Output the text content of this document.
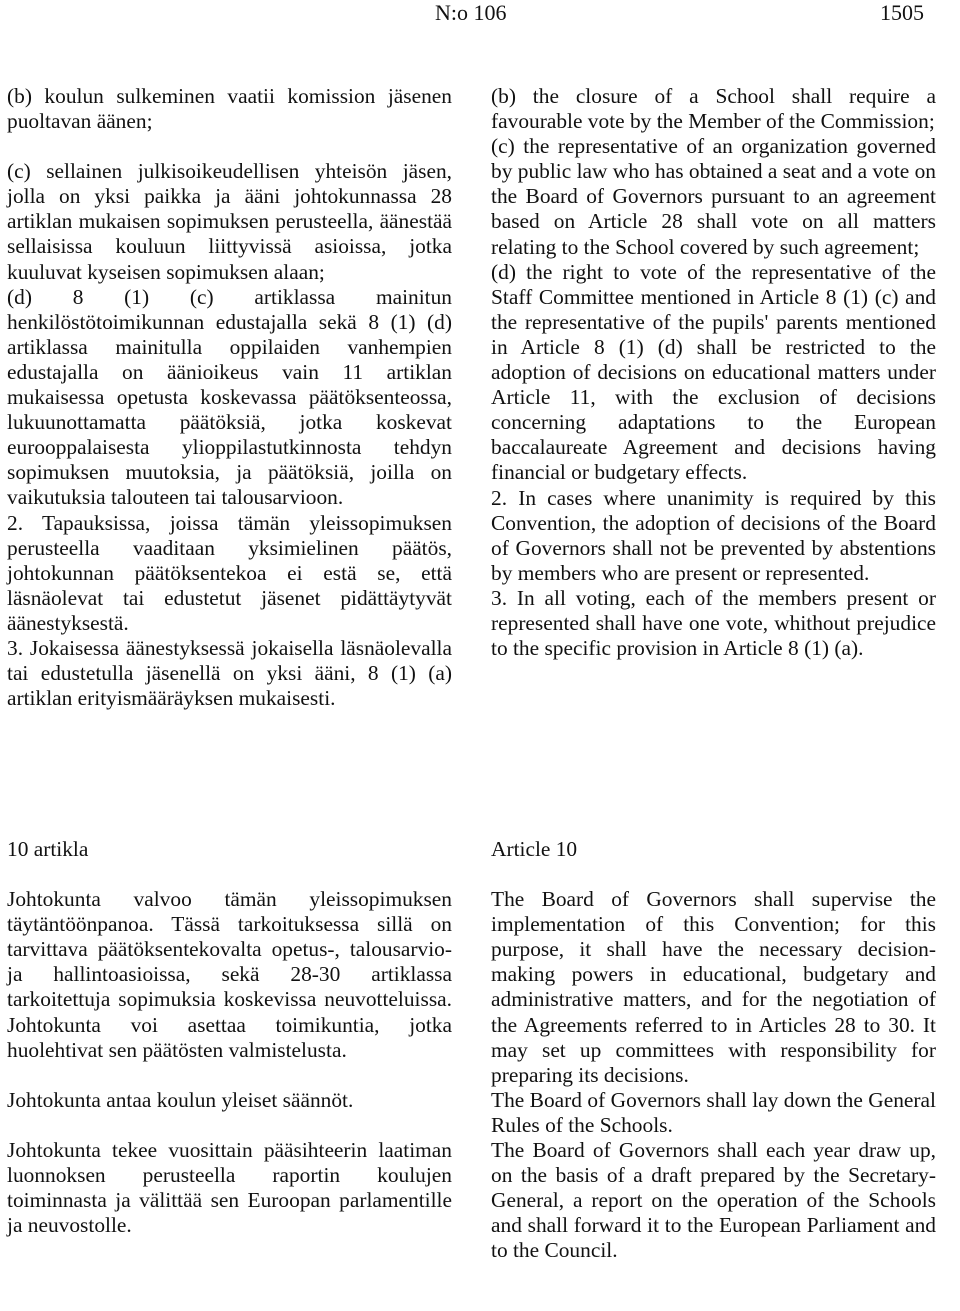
N:o 106	1505

(b) koulun sulkeminen vaatii komission jäsenen puoltavan äänen;

(c) sellainen julkisoikeudellisen yhteisön jäsen, jolla on yksi paikka ja ääni johtokunnassa 28 artiklan mukaisen sopimuksen perusteella, äänestää sellaisissa kouluun liittyvissä asioissa, jotka kuuluvat kyseisen sopimuksen alaan;

(d) 8 (1) (c) artiklassa mainitun henkilöstötoimikunnan edustajalla sekä 8 (1) (d) artiklassa mainitulla oppilaiden vanhempien edustajalla on äänioikeus vain 11 artiklan mukaisessa opetusta koskevassa päätöksenteossa, lukuunottamatta päätöksiä, jotka koskevat eurooppalaisesta ylioppilastutkinnosta tehdyn sopimuksen muutoksia, ja päätöksiä, joilla on vaikutuksia talouteen tai talousarvioon.

2. Tapauksissa, joissa tämän yleissopimuksen perusteella vaaditaan yksimielinen päätös, johtokunnan päätöksentekoa ei estä se, että läsnäolevat tai edustetut jäsenet pidättäytyvät äänestyksestä.

3. Jokaisessa äänestyksessä jokaisella läsnäolevalla tai edustetulla jäsenellä on yksi ääni, 8 (1) (a) artiklan erityismääräyksen mukaisesti.

(b) the closure of a School shall require a favourable vote by the Member of the Commission;

(c) the representative of an organization governed by public law who has obtained a seat and a vote on the Board of Governors pursuant to an agreement based on Article 28 shall vote on all matters relating to the School covered by such agreement;

(d) the right to vote of the representative of the Staff Committee mentioned in Article 8 (1) (c) and the representative of the pupils' parents mentioned in Article 8 (1) (d) shall be restricted to the adoption of decisions on educational matters under Article 11, with the exclusion of decisions concerning adaptations to the European baccalaureate Agreement and decisions having financial or budgetary effects.

2. In cases where unanimity is required by this Convention, the adoption of decisions of the Board of Governors shall not be prevented by abstentions by members who are present or represented.

3. In all voting, each of the members present or represented shall have one vote, whithout prejudice to the specific provision in Article 8 (1) (a).

10 artikla

Johtokunta valvoo tämän yleissopimuksen täytäntöönpanoa. Tässä tarkoituksessa sillä on tarvittava päätöksentekovalta opetus-, talousarvio- ja hallintoasioissa, sekä 28-30 artiklassa tarkoitettuja sopimuksia koskevissa neuvotteluissa. Johtokunta voi asettaa toimikuntia, jotka huolehtivat sen päätösten valmistelusta.

Johtokunta antaa koulun yleiset säännöt.

Johtokunta tekee vuosittain pääsihteerin laatiman luonnoksen perusteella raportin koulujen toiminnasta ja välittää sen Euroopan parlamentille ja neuvostolle.

Article 10

The Board of Governors shall supervise the implementation of this Convention; for this purpose, it shall have the necessary decision-making powers in educational, budgetary and administrative matters, and for the negotiation of the Agreements referred to in Articles 28 to 30. It may set up committees with responsibility for preparing its decisions.

The Board of Governors shall lay down the General Rules of the Schools.

The Board of Governors shall each year draw up, on the basis of a draft prepared by the Secretary-General, a report on the operation of the Schools and shall forward it to the European Parliament and to the Council.
